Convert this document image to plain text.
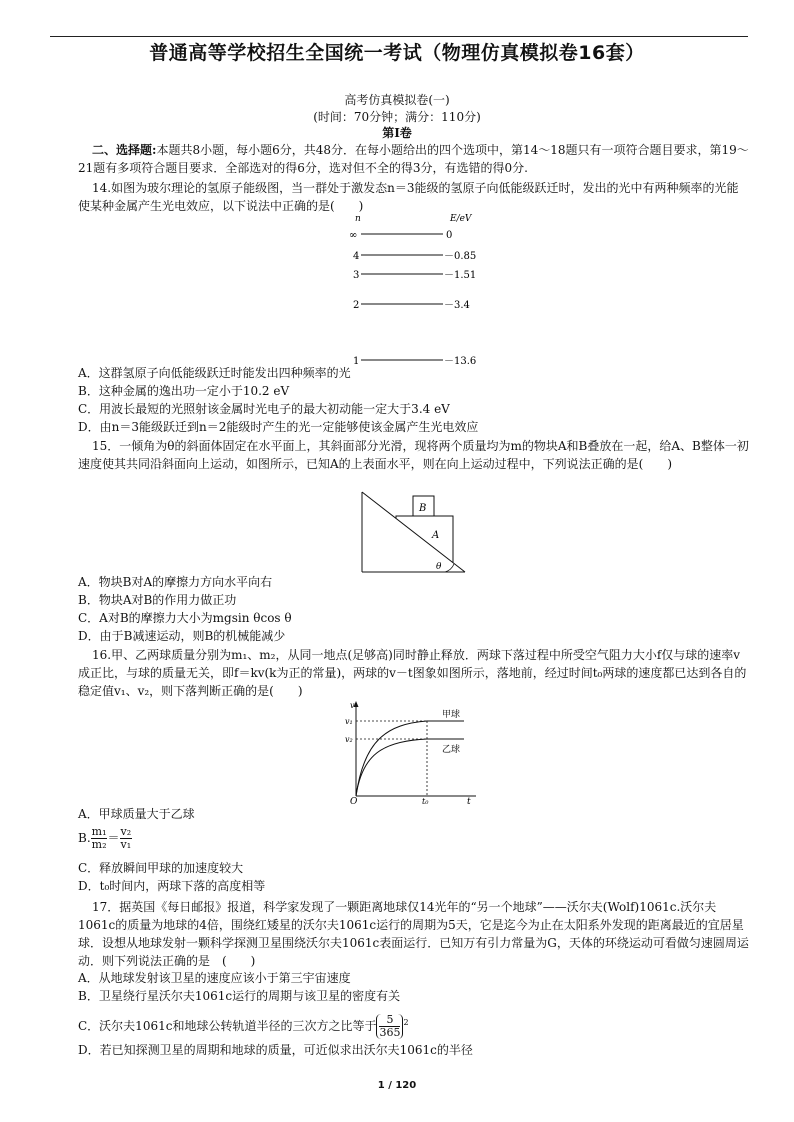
普通高等学校招生全国统一考试（物理仿真模拟卷16套）
高考仿真模拟卷(一)
(时间：70分钟；满分：110分)
第Ⅰ卷
二、选择题:本题共8小题，每小题6分，共48分．在每小题给出的四个选项中，第14～18题只有一项符合题目要求，第19～21题有多项符合题目要求．全部选对的得6分，选对但不全的得3分，有选错的得0分.
14.如图为玻尔理论的氢原子能级图，当一群处于激发态n＝3能级的氢原子向低能级跃迁时，发出的光中有两种频率的光能使某种金属产生光电效应，以下说法中正确的是(　　)
n	E/eV
∞	0
4	－0.85
3	－1.51
2	－3.4
1	－13.6
A．这群氢原子向低能级跃迁时能发出四种频率的光
B．这种金属的逸出功一定小于10.2 eV
C．用波长最短的光照射该金属时光电子的最大初动能一定大于3.4 eV
D．由n＝3能级跃迁到n＝2能级时产生的光一定能够使该金属产生光电效应
15．一倾角为θ的斜面体固定在水平面上，其斜面部分光滑，现将两个质量均为m的物块A和B叠放在一起，给A、B整体一初速度使其共同沿斜面向上运动，如图所示，已知A的上表面水平，则在向上运动过程中，下列说法正确的是(　　)
B
A
θ
A．物块B对A的摩擦力方向水平向右
B．物块A对B的作用力做正功
C．A对B的摩擦力大小为mgsin θcos θ
D．由于B减速运动，则B的机械能减少
16.甲、乙两球质量分别为m₁、m₂，从同一地点(足够高)同时静止释放．两球下落过程中所受空气阻力大小f仅与球的速率v成正比，与球的质量无关，即f＝kv(k为正的常量)，两球的v－t图象如图所示，落地前，经过时间t₀两球的速度都已达到各自的稳定值v₁、v₂，则下落判断正确的是(　　)
v
t
O
v₁
v₂
t₀
甲球
乙球
A．甲球质量大于乙球
B. $\frac{\text{m₁}}{\text{m₂}} = \frac{\text{v₂}}{\text{v₁}}$
C．释放瞬间甲球的加速度较大
D．t₀时间内，两球下落的高度相等
17．据英国《每日邮报》报道，科学家发现了一颗距离地球仅14光年的“另一个地球”——沃尔夫(Wolf)1061c.沃尔夫1061c的质量为地球的4倍，围绕红矮星的沃尔夫1061c运行的周期为5天，它是迄今为止在太阳系外发现的距离最近的宜居星球．设想从地球发射一颗科学探测卫星围绕沃尔夫1061c表面运行．已知万有引力常量为G，天体的环绕运动可看做匀速圆周运动．则下列说法正确的是　(　　)
A．从地球发射该卫星的速度应该小于第三宇宙速度
B．卫星绕行星沃尔夫1061c运行的周期与该卫星的密度有关
C．沃尔夫1061c和地球公转轨道半径的三次方之比等于 $\frac{5}{365} ^2$
D．若已知探测卫星的周期和地球的质量，可近似求出沃尔夫1061c的半径
1 / 120
